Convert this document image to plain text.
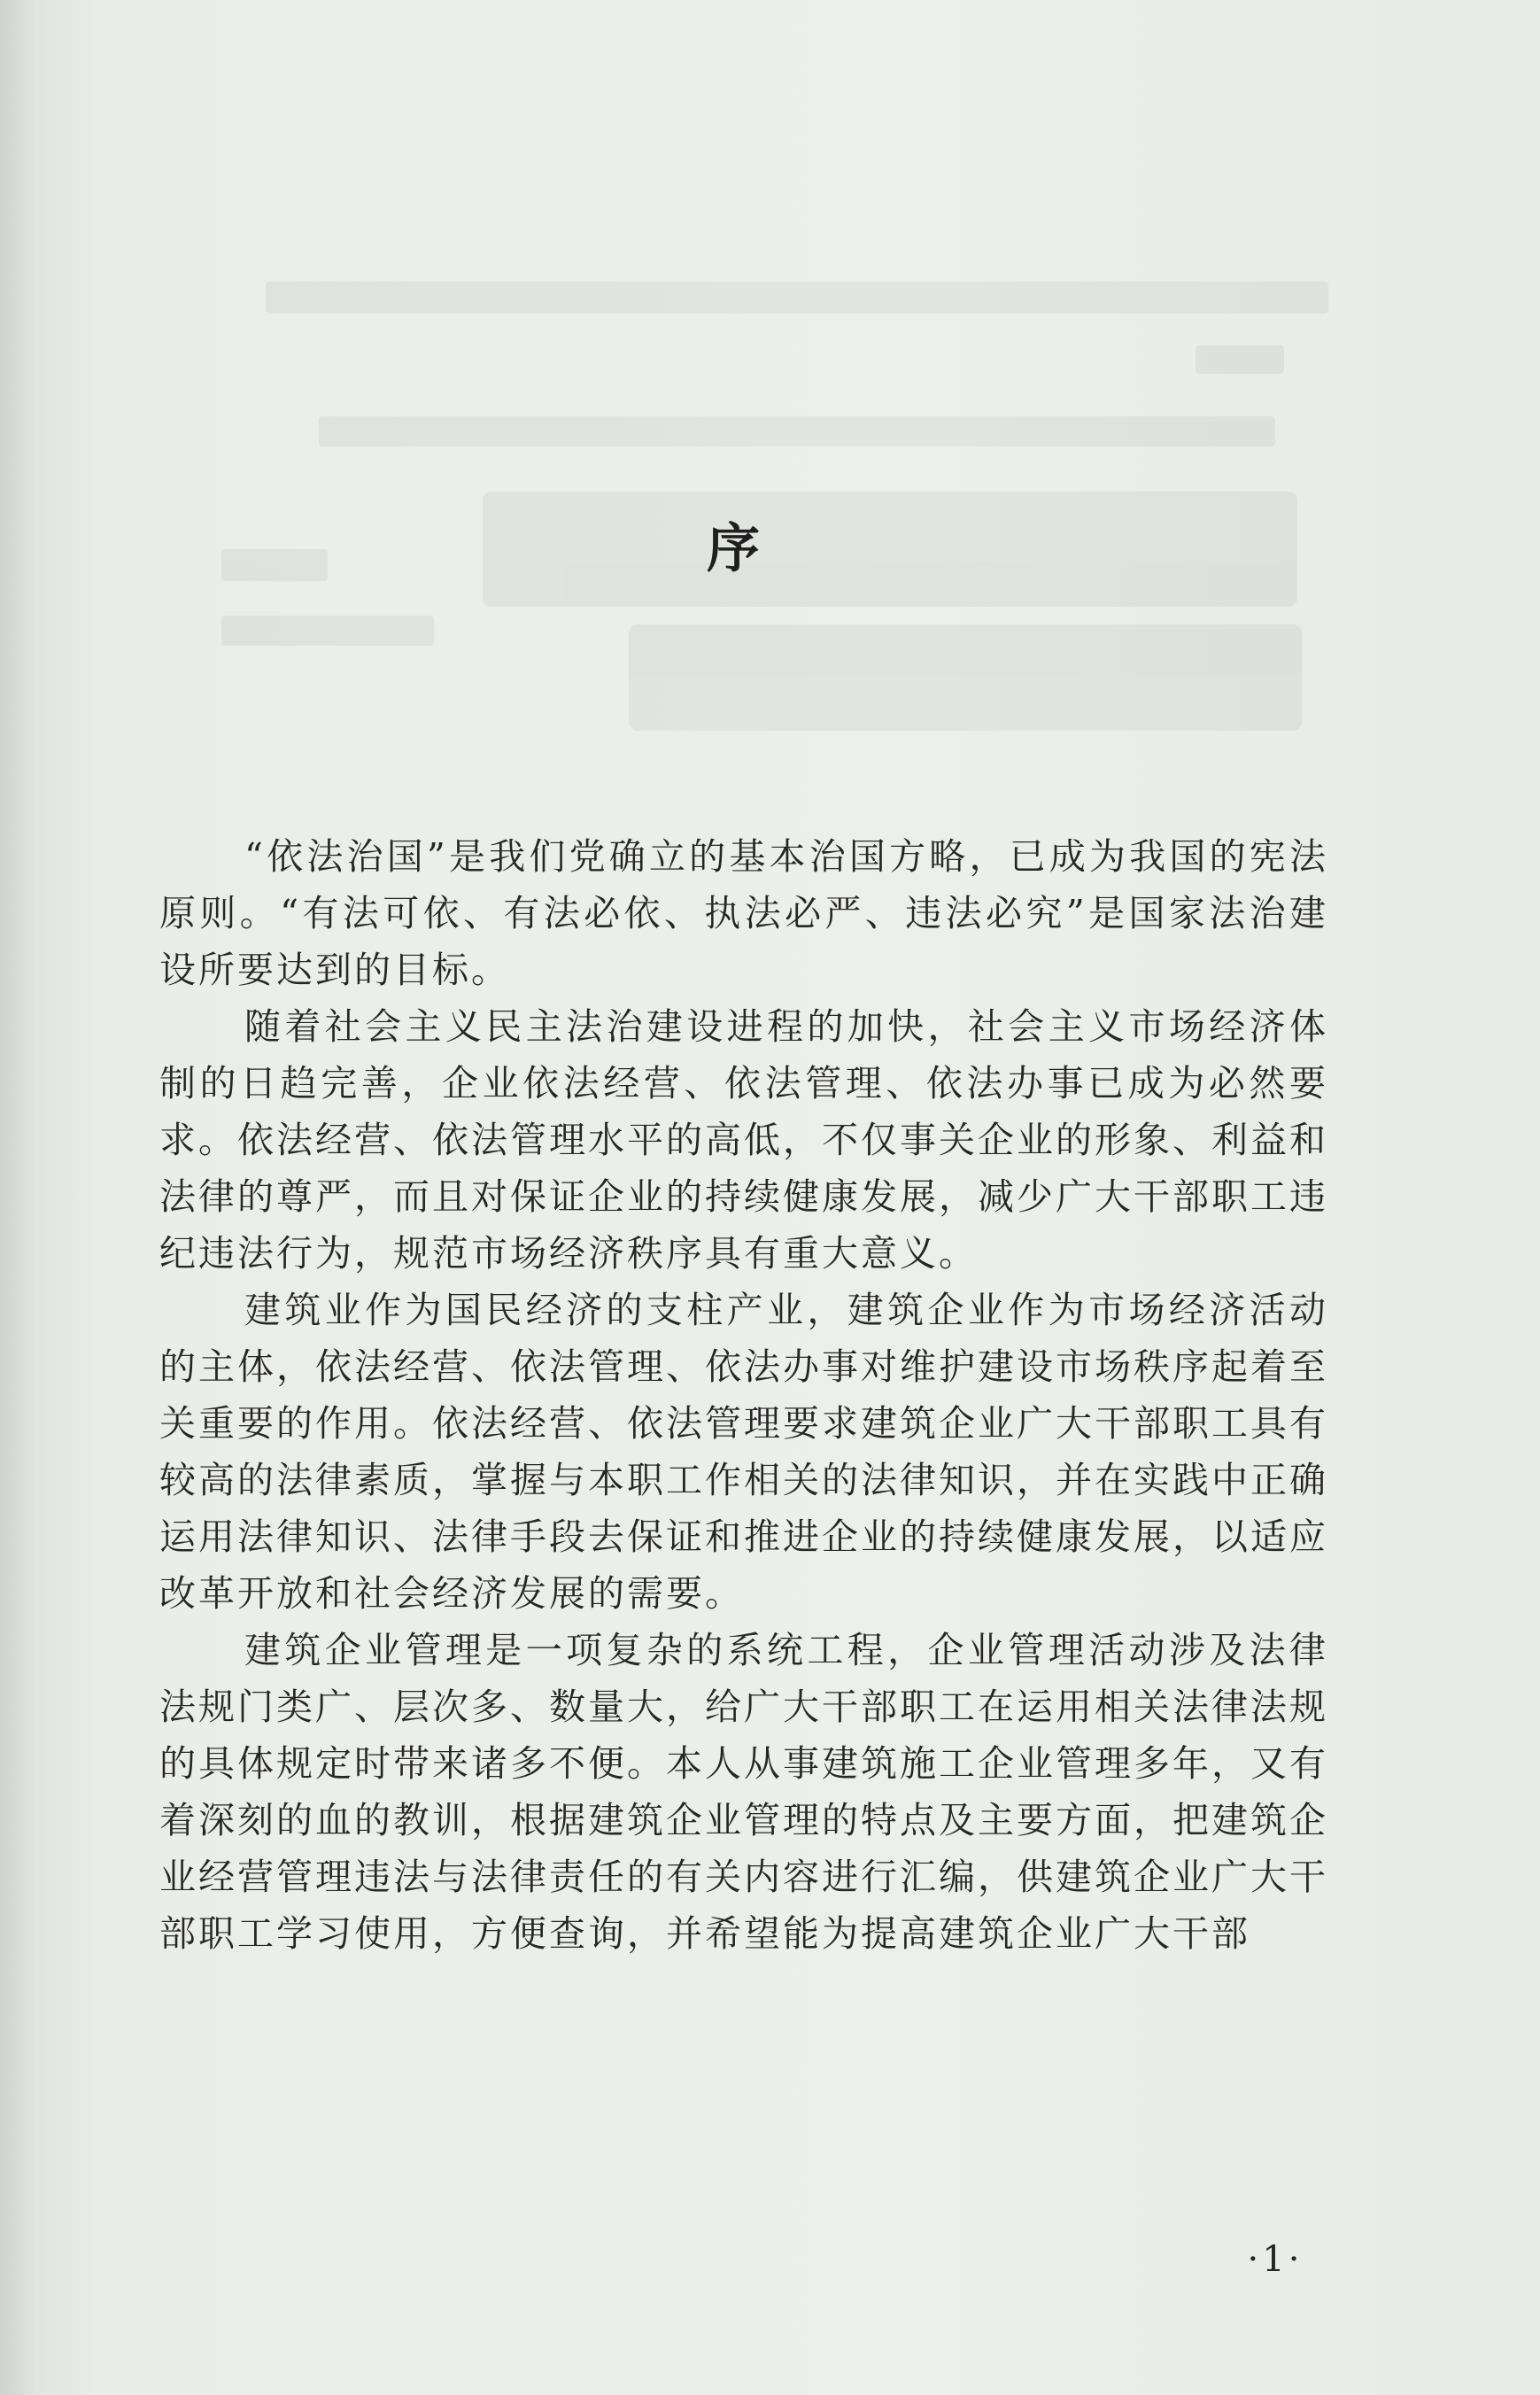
序

“依法治国”是我们党确立的基本治国方略，已成为我国的宪法原则。“有法可依、有法必依、执法必严、违法必究”是国家法治建设所要达到的目标。

随着社会主义民主法治建设进程的加快，社会主义市场经济体制的日趋完善，企业依法经营、依法管理、依法办事已成为必然要求。依法经营、依法管理水平的高低，不仅事关企业的形象、利益和法律的尊严，而且对保证企业的持续健康发展，减少广大干部职工违纪违法行为，规范市场经济秩序具有重大意义。

建筑业作为国民经济的支柱产业，建筑企业作为市场经济活动的主体，依法经营、依法管理、依法办事对维护建设市场秩序起着至关重要的作用。依法经营、依法管理要求建筑企业广大干部职工具有较高的法律素质，掌握与本职工作相关的法律知识，并在实践中正确运用法律知识、法律手段去保证和推进企业的持续健康发展，以适应改革开放和社会经济发展的需要。

建筑企业管理是一项复杂的系统工程，企业管理活动涉及法律法规门类广、层次多、数量大，给广大干部职工在运用相关法律法规的具体规定时带来诸多不便。本人从事建筑施工企业管理多年，又有着深刻的血的教训，根据建筑企业管理的特点及主要方面，把建筑企业经营管理违法与法律责任的有关内容进行汇编，供建筑企业广大干部职工学习使用，方便查询，并希望能为提高建筑企业广大干部

·1·
